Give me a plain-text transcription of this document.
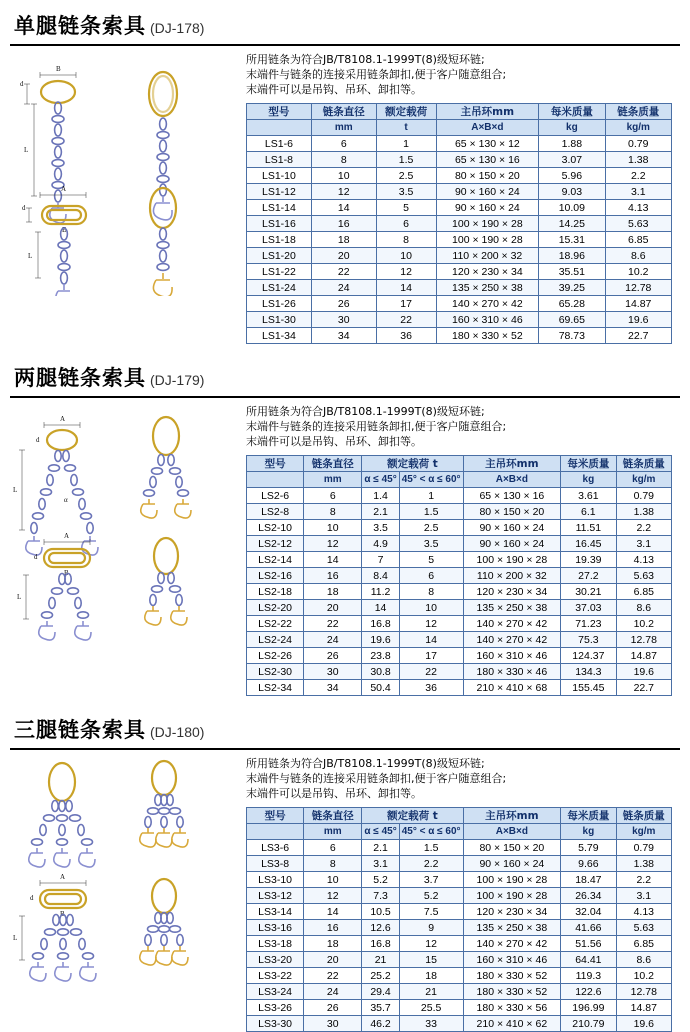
单腿链条索具 (DJ-178)
B
d
L
A
d
B
L
所用链条为符合JB/T8108.1-1999T(8)级短环链;
末端件与链条的连接采用链条卸扣,便于客户随意组合;
末端件可以是吊钩、吊环、卸扣等。
型号	链条直径	额定载荷	主吊环mm	每米质量	链条质量
	mm	t	A×B×d	kg	kg/m
LS1-6	6	1	65 × 130 × 12	1.88	0.79
LS1-8	8	1.5	65 × 130 × 16	3.07	1.38
LS1-10	10	2.5	80 × 150 × 20	5.96	2.2
LS1-12	12	3.5	90 × 160 × 24	9.03	3.1
LS1-14	14	5	90 × 160 × 24	10.09	4.13
LS1-16	16	6	100 × 190 × 28	14.25	5.63
LS1-18	18	8	100 × 190 × 28	15.31	6.85
LS1-20	20	10	110 × 200 × 32	18.96	8.6
LS1-22	22	12	120 × 230 × 34	35.51	10.2
LS1-24	24	14	135 × 250 × 38	39.25	12.78
LS1-26	26	17	140 × 270 × 42	65.28	14.87
LS1-30	30	22	160 × 310 × 46	69.65	19.6
LS1-34	34	36	180 × 330 × 52	78.73	22.7
两腿链条索具 (DJ-179)
A
d
L
α
A
d
B
L
所用链条为符合JB/T8108.1-1999T(8)级短环链;
末端件与链条的连接采用链条卸扣,便于客户随意组合;
末端件可以是吊钩、吊环、卸扣等。
型号	链条直径	额定载荷 t		主吊环mm	每米质量	链条质量
	mm	α ≤ 45°	45° < α ≤ 60°	A×B×d	kg	kg/m
LS2-6	6	1.4	1	65 × 130 × 16	3.61	0.79
LS2-8	8	2.1	1.5	80 × 150 × 20	6.1	1.38
LS2-10	10	3.5	2.5	90 × 160 × 24	11.51	2.2
LS2-12	12	4.9	3.5	90 × 160 × 24	16.45	3.1
LS2-14	14	7	5	100 × 190 × 28	19.39	4.13
LS2-16	16	8.4	6	110 × 200 × 32	27.2	5.63
LS2-18	18	11.2	8	120 × 230 × 34	30.21	6.85
LS2-20	20	14	10	135 × 250 × 38	37.03	8.6
LS2-22	22	16.8	12	140 × 270 × 42	71.23	10.2
LS2-24	24	19.6	14	140 × 270 × 42	75.3	12.78
LS2-26	26	23.8	17	160 × 310 × 46	124.37	14.87
LS2-30	30	30.8	22	180 × 330 × 46	134.3	19.6
LS2-34	34	50.4	36	210 × 410 × 68	155.45	22.7
三腿链条索具 (DJ-180)
A
d
B
L
所用链条为符合JB/T8108.1-1999T(8)级短环链;
末端件与链条的连接采用链条卸扣,便于客户随意组合;
末端件可以是吊钩、吊环、卸扣等。
型号	链条直径	额定载荷 t		主吊环mm	每米质量	链条质量
	mm	α ≤ 45°	45° < α ≤ 60°	A×B×d	kg	kg/m
LS3-6	6	2.1	1.5	80 × 150 × 20	5.79	0.79
LS3-8	8	3.1	2.2	90 × 160 × 24	9.66	1.38
LS3-10	10	5.2	3.7	100 × 190 × 28	18.47	2.2
LS3-12	12	7.3	5.2	100 × 190 × 28	26.34	3.1
LS3-14	14	10.5	7.5	120 × 230 × 34	32.04	4.13
LS3-16	16	12.6	9	135 × 250 × 38	41.66	5.63
LS3-18	18	16.8	12	140 × 270 × 42	51.56	6.85
LS3-20	20	21	15	160 × 310 × 46	64.41	8.6
LS3-22	22	25.2	18	180 × 330 × 52	119.3	10.2
LS3-24	24	29.4	21	180 × 330 × 52	122.6	12.78
LS3-26	26	35.7	25.5	180 × 330 × 56	196.99	14.87
LS3-30	30	46.2	33	210 × 410 × 62	210.79	19.6
